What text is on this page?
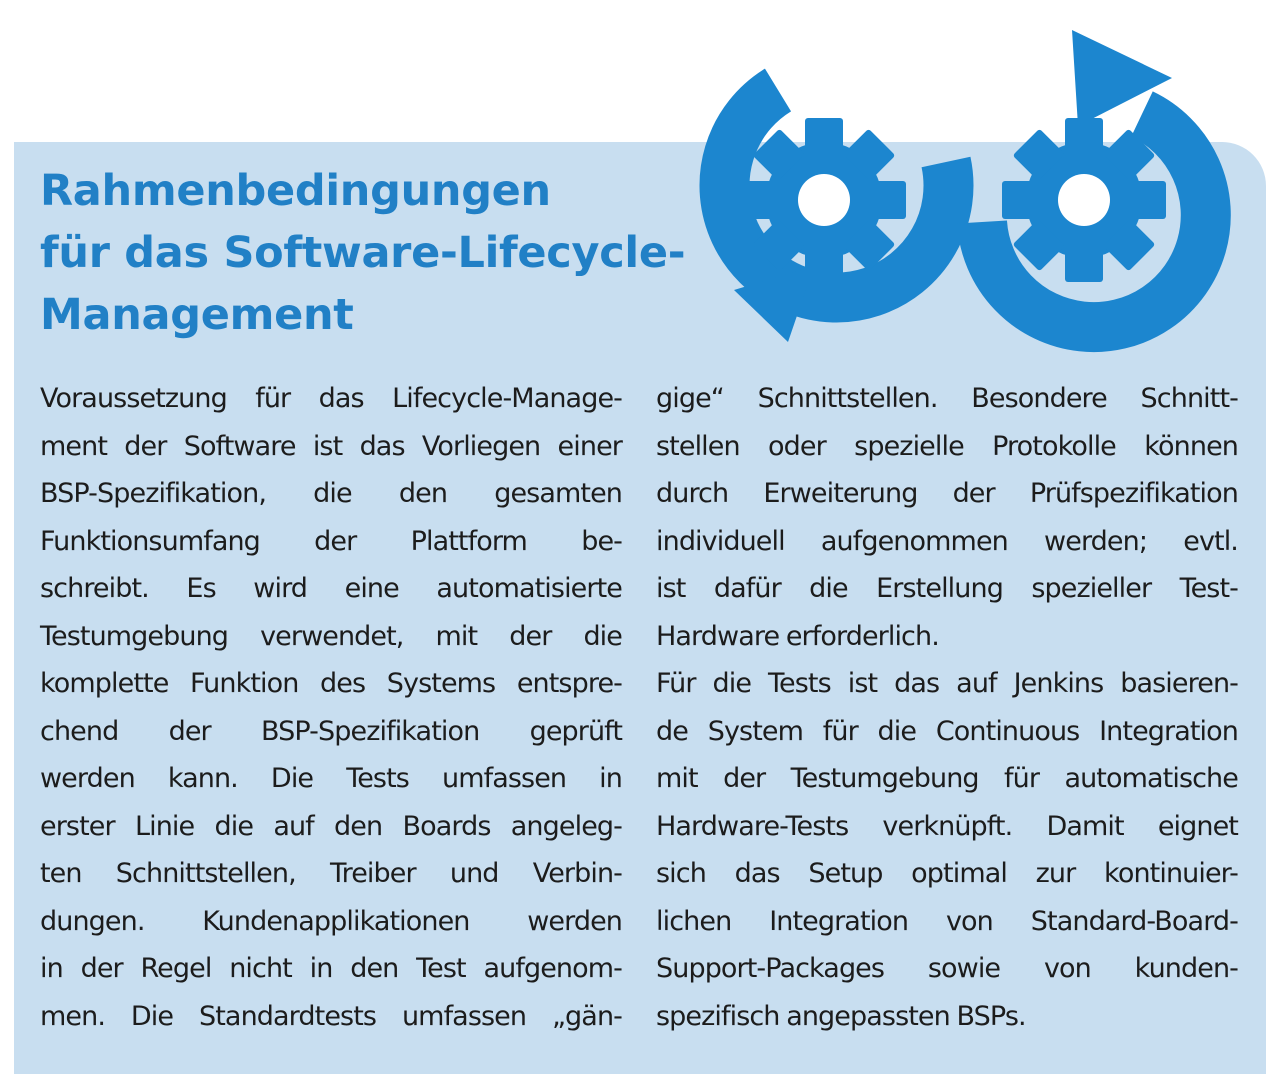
Rahmenbedingungen
für das Software-Lifecycle-
Management
Voraussetzung für das Lifecycle-Manage-
ment der Software ist das Vorliegen einer
BSP-Spezifikation, die den gesamten
Funktionsumfang der Plattform be-
schreibt. Es wird eine automatisierte
Testumgebung verwendet, mit der die
komplette Funktion des Systems entspre-
chend der BSP-Spezifikation geprüft
werden kann. Die Tests umfassen in
erster Linie die auf den Boards angeleg-
ten Schnittstellen, Treiber und Verbin-
dungen. Kundenapplikationen werden
in der Regel nicht in den Test aufgenom-
men. Die Standardtests umfassen „gän-
gige“ Schnittstellen. Besondere Schnitt-
stellen oder spezielle Protokolle können
durch Erweiterung der Prüfspezifikation
individuell aufgenommen werden; evtl.
ist dafür die Erstellung spezieller Test-
Hardware erforderlich.
Für die Tests ist das auf Jenkins basieren-
de System für die Continuous Integration
mit der Testumgebung für automatische
Hardware-Tests verknüpft. Damit eignet
sich das Setup optimal zur kontinuier-
lichen Integration von Standard-Board-
Support-Packages sowie von kunden-
spezifisch angepassten BSPs.
